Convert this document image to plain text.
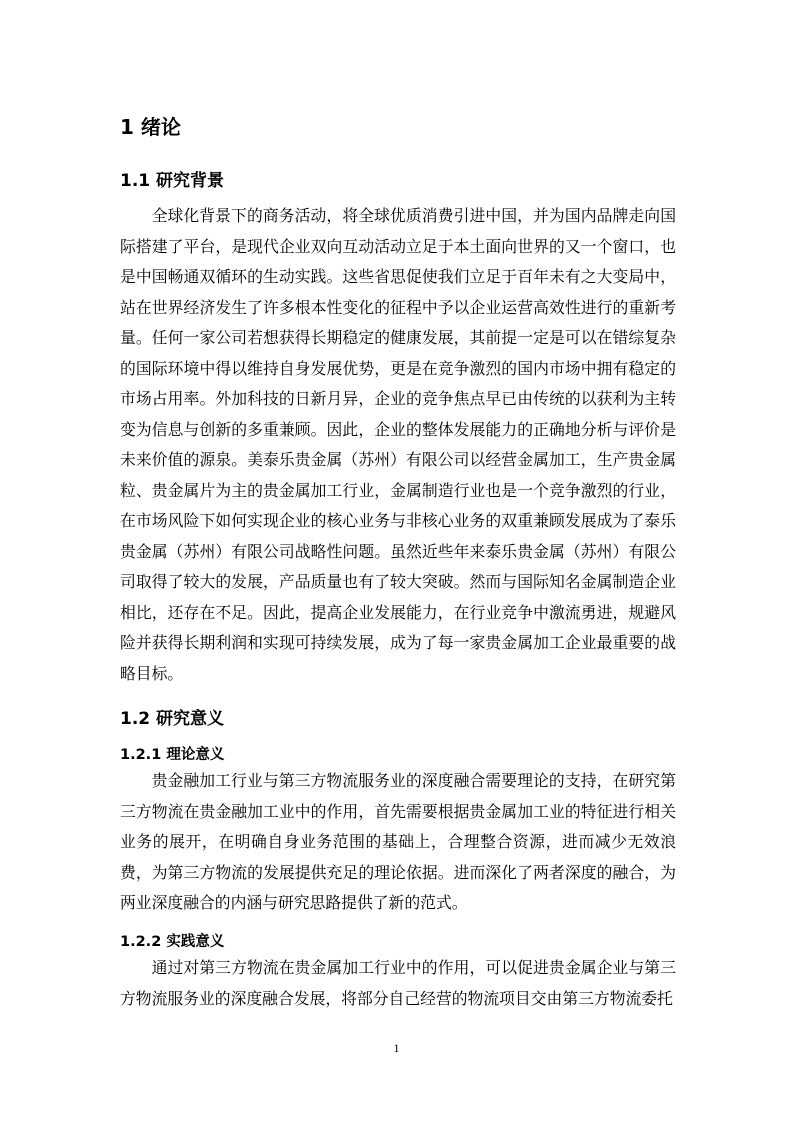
1 绪论
1.1 研究背景

全球化背景下的商务活动，将全球优质消费引进中国，并为国内品牌走向国际搭建了平台，是现代企业双向互动活动立足于本土面向世界的又一个窗口，也是中国畅通双循环的生动实践。这些省思促使我们立足于百年未有之大变局中，站在世界经济发生了许多根本性变化的征程中予以企业运营高效性进行的重新考量。任何一家公司若想获得长期稳定的健康发展，其前提一定是可以在错综复杂的国际环境中得以维持自身发展优势，更是在竞争激烈的国内市场中拥有稳定的市场占用率。外加科技的日新月异，企业的竞争焦点早已由传统的以获利为主转变为信息与创新的多重兼顾。因此，企业的整体发展能力的正确地分析与评价是未来价值的源泉。美泰乐贵金属（苏州）有限公司以经营金属加工，生产贵金属粒、贵金属片为主的贵金属加工行业，金属制造行业也是一个竞争激烈的行业，在市场风险下如何实现企业的核心业务与非核心业务的双重兼顾发展成为了泰乐贵金属（苏州）有限公司战略性问题。虽然近些年来泰乐贵金属（苏州）有限公司取得了较大的发展，产品质量也有了较大突破。然而与国际知名金属制造企业相比，还存在不足。因此，提高企业发展能力，在行业竞争中激流勇进，规避风险并获得长期利润和实现可持续发展，成为了每一家贵金属加工企业最重要的战略目标。

1.2 研究意义
1.2.1 理论意义

贵金融加工行业与第三方物流服务业的深度融合需要理论的支持，在研究第三方物流在贵金融加工业中的作用，首先需要根据贵金属加工业的特征进行相关业务的展开，在明确自身业务范围的基础上，合理整合资源，进而减少无效浪费，为第三方物流的发展提供充足的理论依据。进而深化了两者深度的融合，为两业深度融合的内涵与研究思路提供了新的范式。

1.2.2 实践意义

通过对第三方物流在贵金属加工行业中的作用，可以促进贵金属企业与第三方物流服务业的深度融合发展，将部分自己经营的物流项目交由第三方物流委托

1
